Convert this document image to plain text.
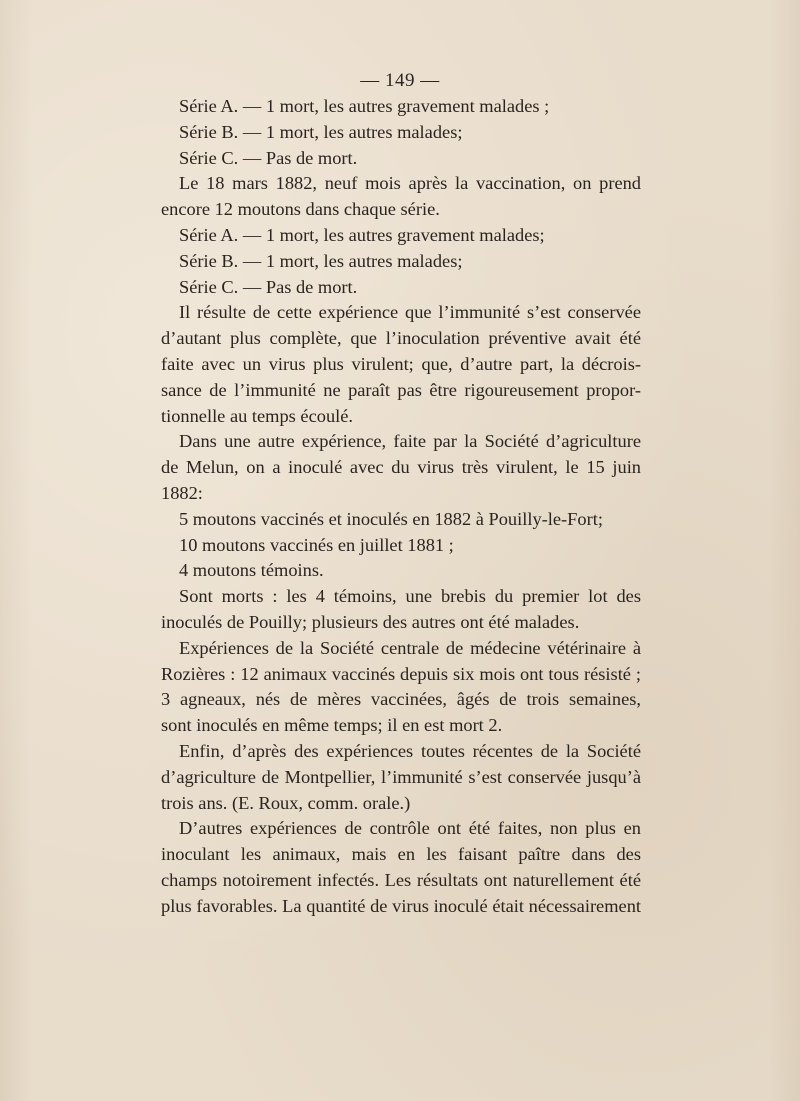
— 149 —
Série A. — 1 mort, les autres gravement malades ;
Série B. — 1 mort, les autres malades;
Série C. — Pas de mort.
Le 18 mars 1882, neuf mois après la vaccination, on prend
encore 12 moutons dans chaque série.
Série A. — 1 mort, les autres gravement malades;
Série B. — 1 mort, les autres malades;
Série C. — Pas de mort.
Il résulte de cette expérience que l’immunité s’est conservée
d’autant plus complète, que l’inoculation préventive avait été
faite avec un virus plus virulent; que, d’autre part, la décrois-
sance de l’immunité ne paraît pas être rigoureusement propor-
tionnelle au temps écoulé.
Dans une autre expérience, faite par la Société d’agriculture
de Melun, on a inoculé avec du virus très virulent, le 15 juin
1882:
5 moutons vaccinés et inoculés en 1882 à Pouilly-le-Fort;
10 moutons vaccinés en juillet 1881 ;
4 moutons témoins.
Sont morts : les 4 témoins, une brebis du premier lot des
inoculés de Pouilly; plusieurs des autres ont été malades.
Expériences de la Société centrale de médecine vétérinaire à
Rozières : 12 animaux vaccinés depuis six mois ont tous résisté ;
3 agneaux, nés de mères vaccinées, âgés de trois semaines,
sont inoculés en même temps; il en est mort 2.
Enfin, d’après des expériences toutes récentes de la Société
d’agriculture de Montpellier, l’immunité s’est conservée jusqu’à
trois ans. (E. Roux, comm. orale.)
D’autres expériences de contrôle ont été faites, non plus en
inoculant les animaux, mais en les faisant paître dans des
champs notoirement infectés. Les résultats ont naturellement été
plus favorables. La quantité de virus inoculé était nécessairement
